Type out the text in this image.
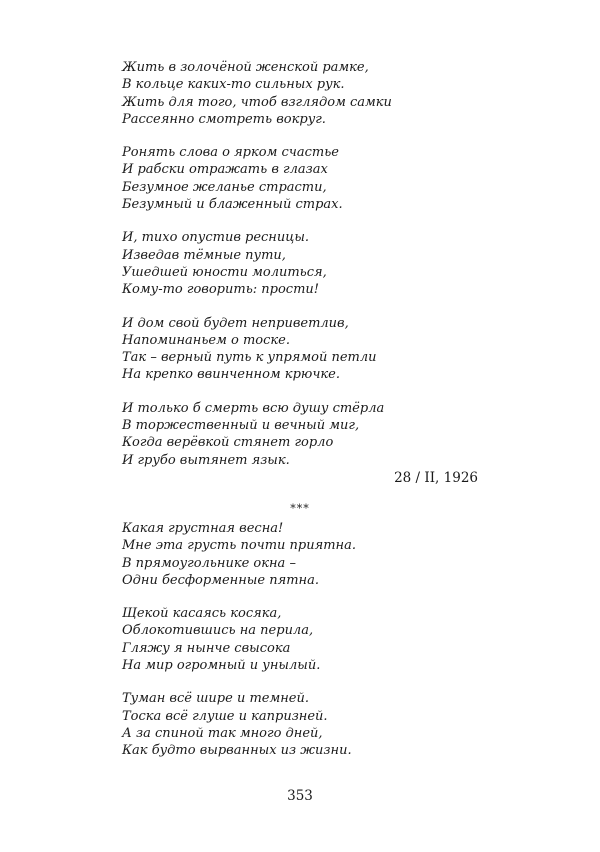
Жить в золочёной женской рамке,
В кольце каких-то сильных рук.
Жить для того, чтоб взглядом самки
Рассеянно смотреть вокруг.
Ронять слова о ярком счастье
И рабски отражать в глазах
Безумное желанье страсти,
Безумный и блаженный страх.
И, тихо опустив ресницы.
Изведав тёмные пути,
Ушедшей юности молиться,
Кому-то говорить: прости!
И дом свой будет неприветлив,
Напоминаньем о тоске.
Так – верный путь к упрямой петли
На крепко ввинченном крючке.
И только б смерть всю душу стёрла
В торжественный и вечный миг,
Когда верёвкой стянет горло
И грубо вытянет язык.
28 / II, 1926
***
Какая грустная весна!
Мне эта грусть почти приятна.
В прямоугольнике окна –
Одни бесформенные пятна.
Щекой касаясь косяка,
Облокотившись на перила,
Гляжу я нынче свысока
На мир огромный и унылый.
Туман всё шире и темней.
Тоска всё глуше и капризней.
А за спиной так много дней,
Как будто вырванных из жизни.
353
